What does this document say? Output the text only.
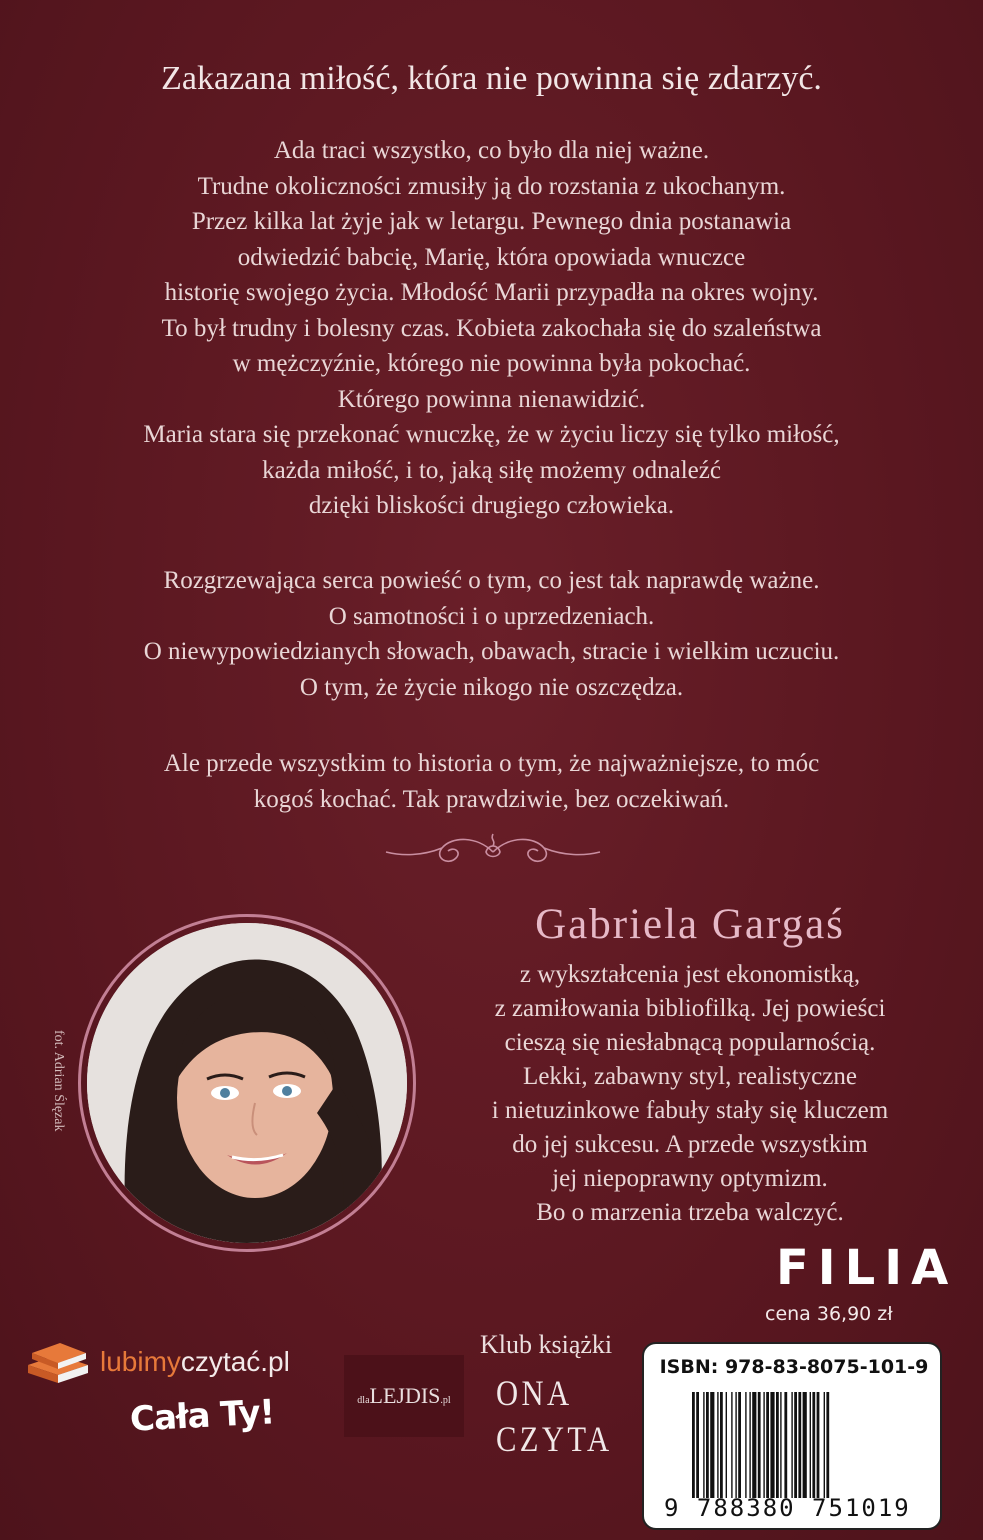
Zakazana miłość, która nie powinna się zdarzyć.
Ada traci wszystko, co było dla niej ważne.
Trudne okoliczności zmusiły ją do rozstania z ukochanym.
Przez kilka lat żyje jak w letargu. Pewnego dnia postanawia
odwiedzić babcię, Marię, która opowiada wnuczce
historię swojego życia. Młodość Marii przypadła na okres wojny.
To był trudny i bolesny czas. Kobieta zakochała się do szaleństwa
w mężczyźnie, którego nie powinna była pokochać.
Którego powinna nienawidzić.
Maria stara się przekonać wnuczkę, że w życiu liczy się tylko miłość,
każda miłość, i to, jaką siłę możemy odnaleźć
dzięki bliskości drugiego człowieka.
Rozgrzewająca serca powieść o tym, co jest tak naprawdę ważne.
O samotności i o uprzedzeniach.
O niewypowiedzianych słowach, obawach, stracie i wielkim uczuciu.
O tym, że życie nikogo nie oszczędza.
Ale przede wszystkim to historia o tym, że najważniejsze, to móc
kogoś kochać. Tak prawdziwie, bez oczekiwań.
Gabriela Gargaś
z wykształcenia jest ekonomistką,
z zamiłowania bibliofilką. Jej powieści
cieszą się niesłabnącą popularnością.
Lekki, zabawny styl, realistyczne
i nietuzinkowe fabuły stały się kluczem
do jej sukcesu. A przede wszystkim
jej niepoprawny optymizm.
Bo o marzenia trzeba walczyć.
fot. Adrian Ślęzak
FILIA
cena 36,90 zł
lubimyczytać.pl
Cała Ty!	dlaLEJDIS.pl
Klub książki
ONA
CZYTA
ISBN: 978-83-8075-101-9
9 788380 751019
